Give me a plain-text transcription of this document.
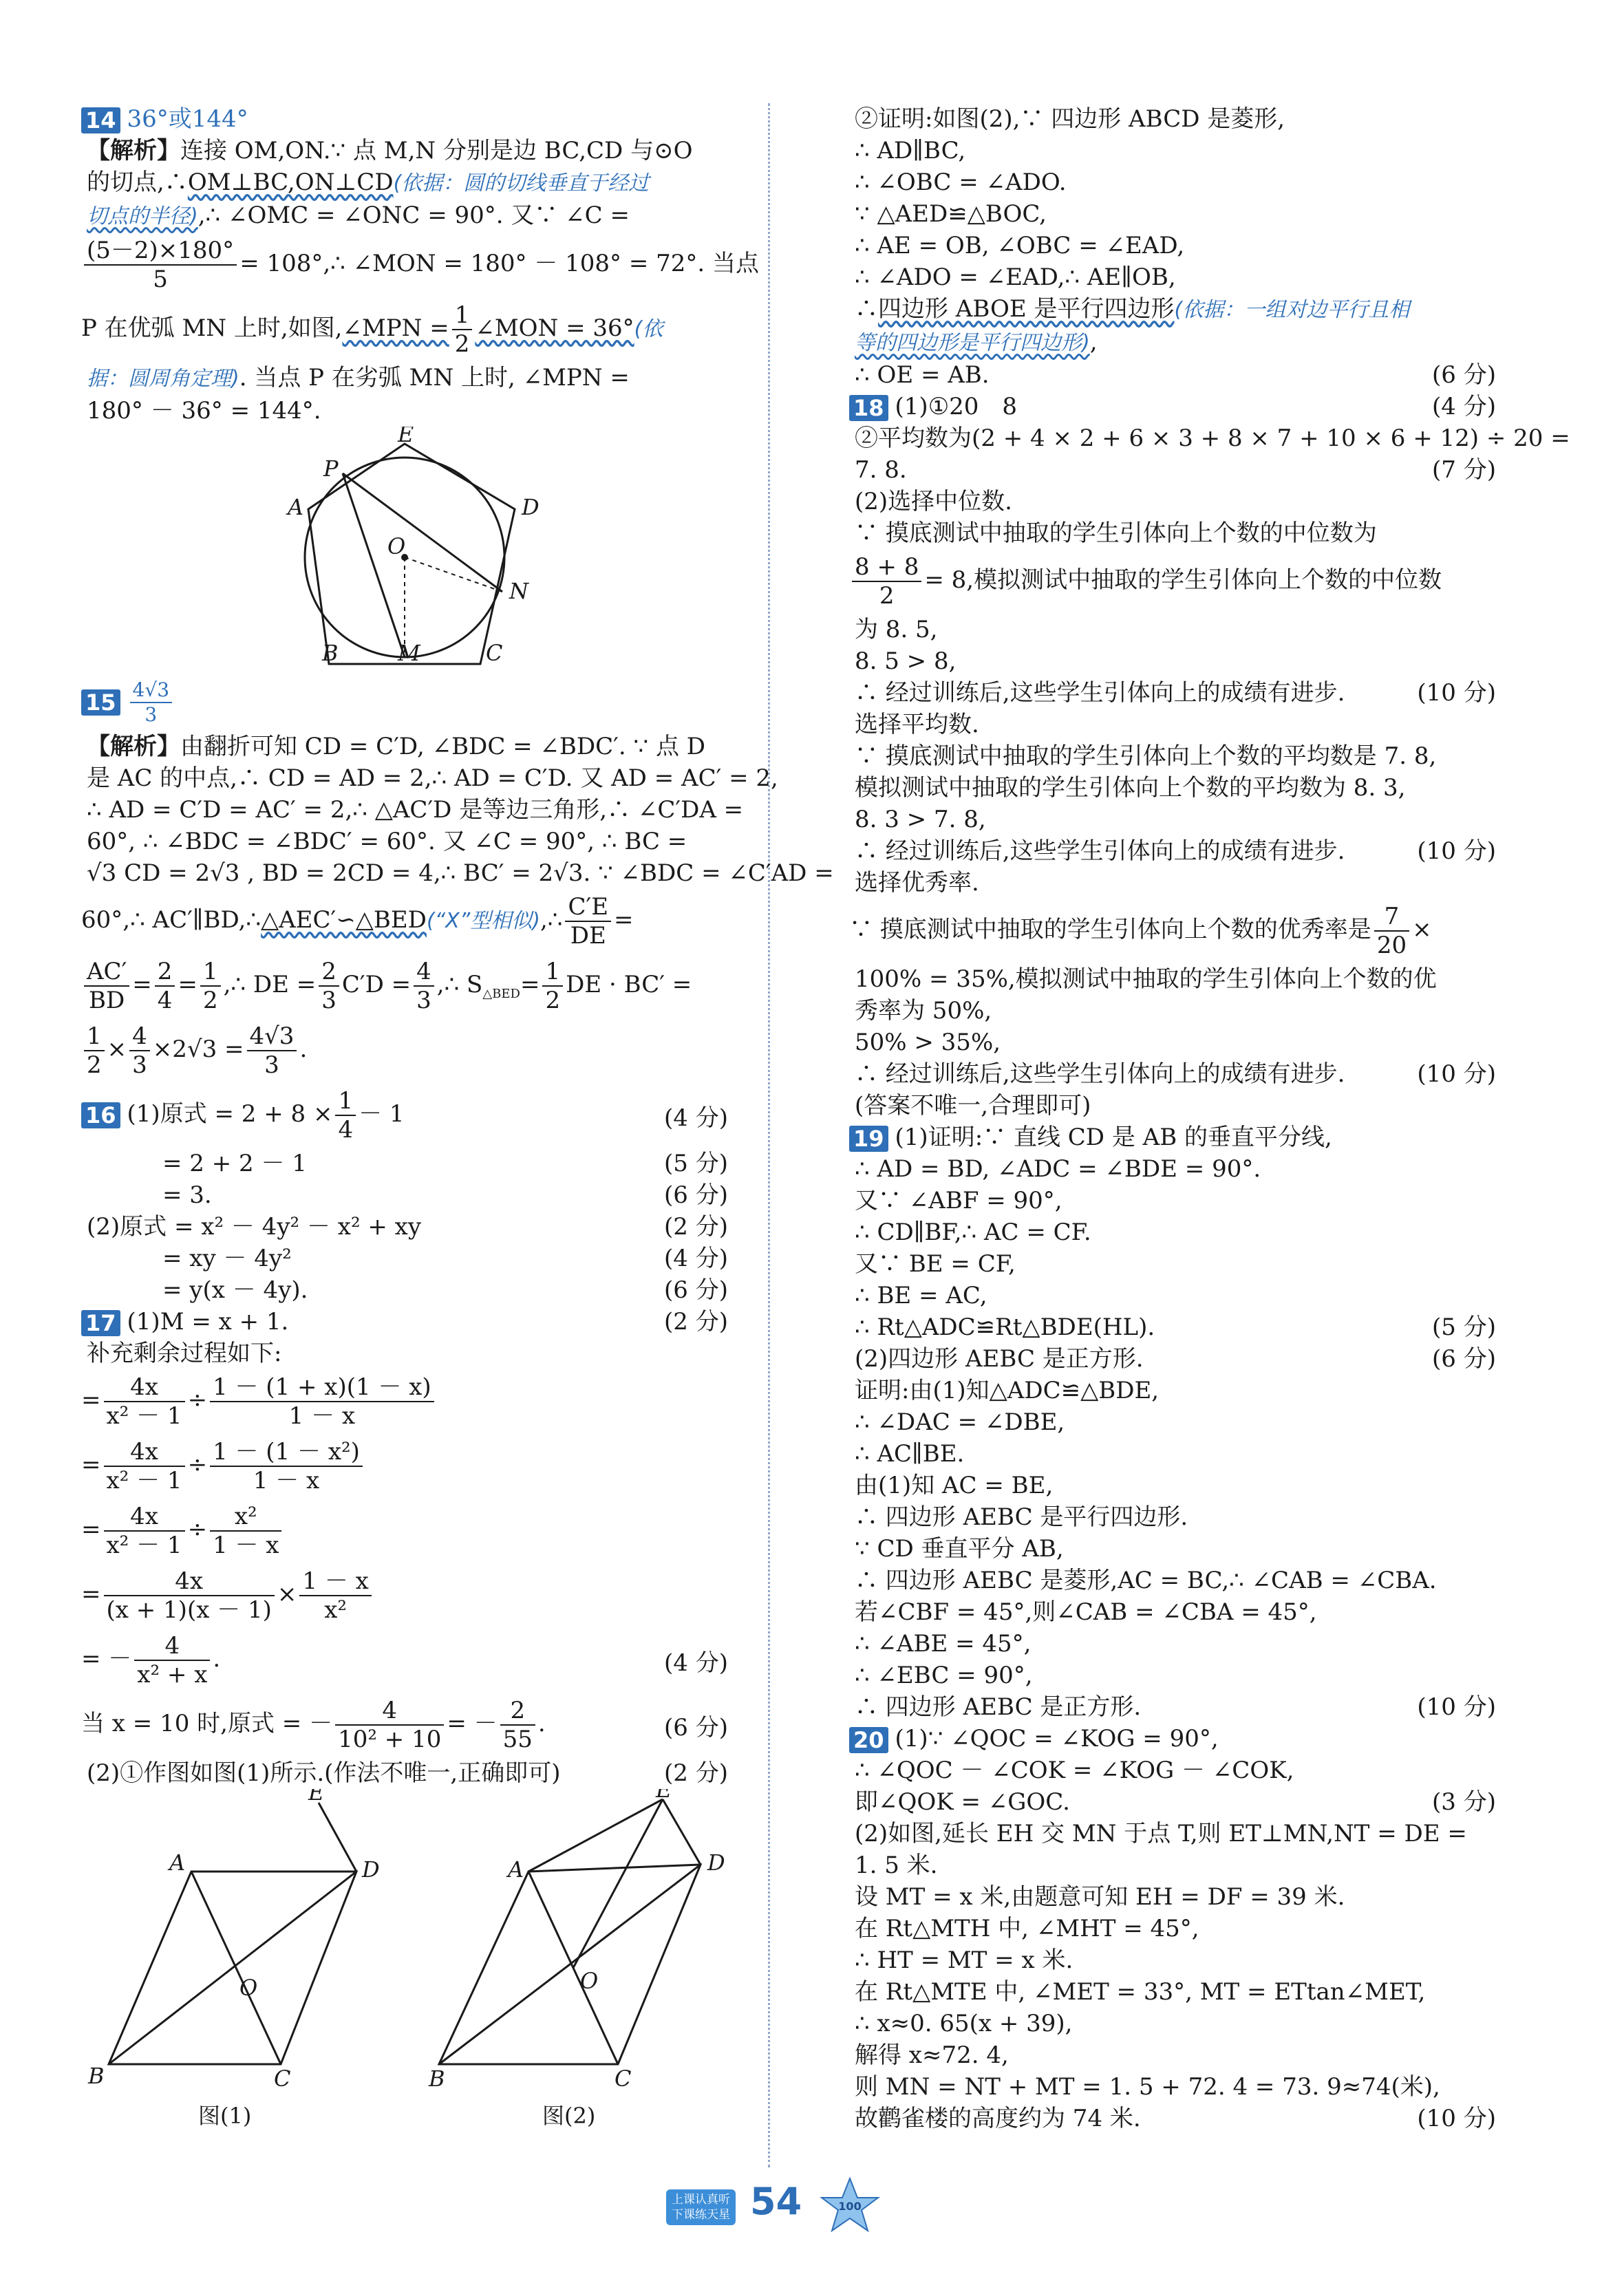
14 36°或144°
【解析】连接 OM,ON.∵ 点 M,N 分别是边 BC,CD 与⊙O
的切点,∴OM⊥BC,ON⊥CD(依据：圆的切线垂直于经过
切点的半径),∴ ∠OMC = ∠ONC = 90°. 又∵ ∠C =
$\frac{(5-2)\times 180^\circ}{5}$ = 108°,∴ ∠MON = 180° － 108° = 72°. 当点
P 在优弧 MN 上时,如图,∠MPN = $\frac{1}{2}$ ∠MON = 36°(依
据：圆周角定理). 当点 P 在劣弧 MN 上时, ∠MPN =
180° － 36° = 144°.
E
D
A
P
O
N
B	M	C
$15 \frac{4√3}{3}$
【解析】由翻折可知 CD = C′D, ∠BDC = ∠BDC′. ∵ 点 D
是 AC 的中点,∴ CD = AD = 2,∴ AD = C′D. 又 AD = AC′ = 2,
∴ AD = C′D = AC′ = 2,∴ △AC′D 是等边三角形,∴ ∠C′DA =
60°, ∴ ∠BDC = ∠BDC′ = 60°. 又 ∠C = 90°, ∴ BC =
√3 CD = 2√3 , BD = 2CD = 4,∴ BC′ = 2√3. ∵ ∠BDC = ∠C′AD =
60°,∴ AC′∥BD,∴△AEC′∽△BED(“X”型相似),∴ $\frac{C'E}{DE}$ =
$\frac{AC'}{BD} = \frac{2}{4} = \frac{1}{2}$ ,∴ DE = $\frac{2}{3} C'D = \frac{4}{3}$ ,∴ $S_{\triangle BED}= \frac{1}{2}$ DE · BC′ =
$\frac{1}{2} \times \frac{4}{3} \times 2√3 = \frac{4√3}{3}$ .
16 (1)原式 = $2 + 8 \times \frac{1}{4} - 1$	(4 分)
= 2 + 2 － 1	(5 分)
= 3.	(6 分)
(2)原式 = x² － 4y² － x² + xy	(2 分)
= xy － 4y²	(4 分)
= y(x － 4y).	(6 分)
17 (1)M = x + 1.	(2 分)
补充剩余过程如下:
= $\frac{4x}{\text{x² － 1}} \div \frac{1 - (1 + x)(1 - x)}{1 - x}$
= $\frac{4x}{\text{x² － 1}} \div \frac{\text{1 － (1 － x²)}}{1 - x}$
= $\frac{4x}{\text{x² － 1}} \div \frac{\text{x²}}{1 - x}$
= $\frac{4x}{(x + 1)(x - 1)} \times \frac{1 - x}{\text{x²}}$
= － $\frac{4}{\text{x² + x}}$ .	(4 分)
当 x = 10 时,原式 = － $\frac{4}{\text{10² + 10}}$ = － $\frac{2}{55}$ .	(6 分)
(2)①作图如图(1)所示.(作法不唯一,正确即可)	(2 分)
E
A	D
O
B	C
E
A	D
O
B	C
图(1)	图(2)
②证明:如图(2),∵ 四边形 ABCD 是菱形,
∴ AD∥BC,
∴ ∠OBC = ∠ADO.
∵ △AED≌△BOC,
∴ AE = OB, ∠OBC = ∠EAD,
∴ ∠ADO = ∠EAD,∴ AE∥OB,
∴四边形 ABOE 是平行四边形(依据：一组对边平行且相
等的四边形是平行四边形),
∴ OE = AB.	(6 分)
18 (1)①20　8	(4 分)
②平均数为(2 + 4 × 2 + 6 × 3 + 8 × 7 + 10 × 6 + 12) ÷ 20 =
7. 8.	(7 分)
(2)选择中位数.
∵ 摸底测试中抽取的学生引体向上个数的中位数为
$\frac{8 + 8}{2} = 8$,模拟测试中抽取的学生引体向上个数的中位数
为 8. 5,
8. 5 > 8,
∴ 经过训练后,这些学生引体向上的成绩有进步.	(10 分)
选择平均数.
∵ 摸底测试中抽取的学生引体向上个数的平均数是 7. 8,
模拟测试中抽取的学生引体向上个数的平均数为 8. 3,
8. 3 > 7. 8,
∴ 经过训练后,这些学生引体向上的成绩有进步.	(10 分)
选择优秀率.
∵ 摸底测试中抽取的学生引体向上个数的优秀率是 $\frac{7}{20}$ ×
100% = 35%,模拟测试中抽取的学生引体向上个数的优
秀率为 50%,
50% > 35%,
∴ 经过训练后,这些学生引体向上的成绩有进步.	(10 分)
(答案不唯一,合理即可)
19 (1)证明:∵ 直线 CD 是 AB 的垂直平分线,
∴ AD = BD, ∠ADC = ∠BDE = 90°.
又∵ ∠ABF = 90°,
∴ CD∥BF,∴ AC = CF.
又∵ BE = CF,
∴ BE = AC,
∴ Rt△ADC≌Rt△BDE(HL).	(5 分)
(2)四边形 AEBC 是正方形.	(6 分)
证明:由(1)知△ADC≌△BDE,
∴ ∠DAC = ∠DBE,
∴ AC∥BE.
由(1)知 AC = BE,
∴ 四边形 AEBC 是平行四边形.
∵ CD 垂直平分 AB,
∴ 四边形 AEBC 是菱形,AC = BC,∴ ∠CAB = ∠CBA.
若∠CBF = 45°,则∠CAB = ∠CBA = 45°,
∴ ∠ABE = 45°,
∴ ∠EBC = 90°,
∴ 四边形 AEBC 是正方形.	(10 分)
20 (1)∵ ∠QOC = ∠KOG = 90°,
∴ ∠QOC － ∠COK = ∠KOG － ∠COK,
即∠QOK = ∠GOC.	(3 分)
(2)如图,延长 EH 交 MN 于点 T,则 ET⊥MN,NT = DE =
1. 5 米.
设 MT = x 米,由题意可知 EH = DF = 39 米.
在 Rt△MTH 中, ∠MHT = 45°,
∴ HT = MT = x 米.
在 Rt△MTE 中, ∠MET = 33°, MT = ETtan∠MET,
∴ x≈0. 65(x + 39),
解得 x≈72. 4,
则 MN = NT + MT = 1. 5 + 72. 4 = 73. 9≈74(米),
故鹳雀楼的高度约为 74 米.	(10 分)
上课认真听
下课练天星 54	100
